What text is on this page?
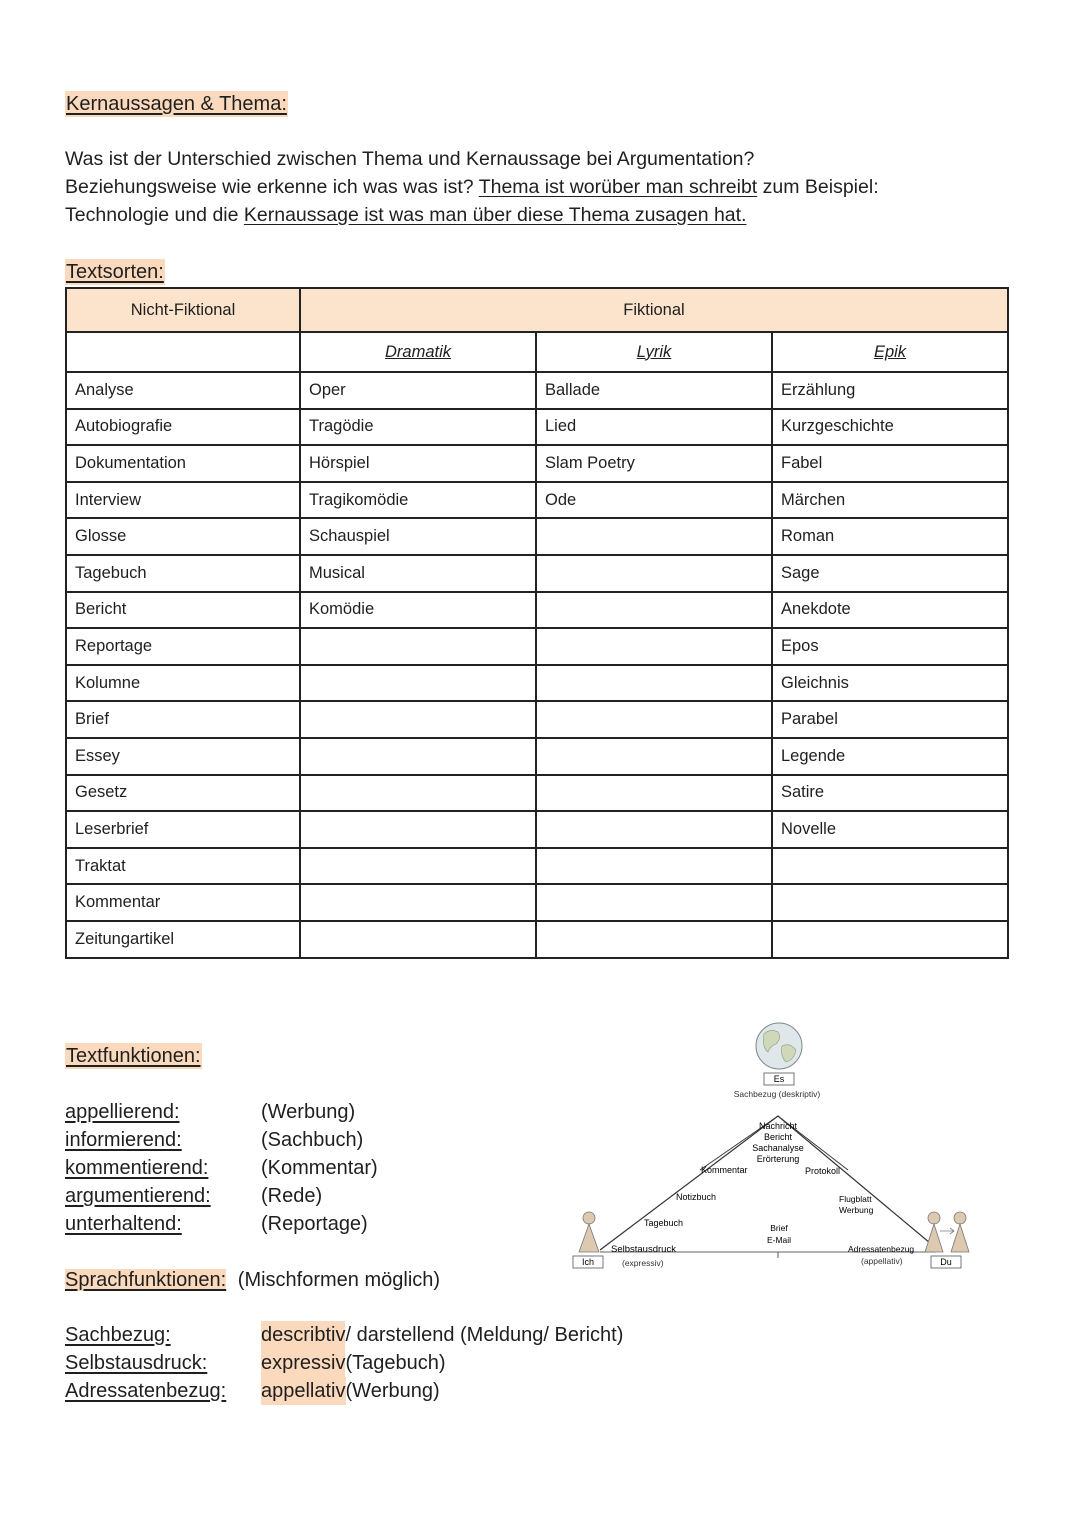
Kernaussagen & Thema:

Was ist der Unterschied zwischen Thema und Kernaussage bei Argumentation?

Beziehungsweise wie erkenne ich was was ist? Thema ist worüber man schreibt zum Beispiel:

Technologie und die Kernaussage ist was man über diese Thema zusagen hat.

Textsorten:
Nicht-Fiktional	Fiktional		
	Dramatik	Lyrik	Epik
Analyse	Oper	Ballade	Erzählung
Autobiografie	Tragödie	Lied	Kurzgeschichte
Dokumentation	Hörspiel	Slam Poetry	Fabel
Interview	Tragikomödie	Ode	Märchen
Glosse	Schauspiel		Roman
Tagebuch	Musical		Sage
Bericht	Komödie		Anekdote
Reportage			Epos
Kolumne			Gleichnis
Brief			Parabel
Essey			Legende
Gesetz			Satire
Leserbrief			Novelle
Traktat			
Kommentar			
Zeitungartikel			
Textfunktionen:
appellierend:	(Werbung)
informierend:	(Sachbuch)
kommentierend:	(Kommentar)
argumentierend:	(Rede)
unterhaltend:	(Reportage)
Sprachfunktionen: (Mischformen möglich)
Sachbezug:	describtiv / darstellend (Meldung/ Bericht)
Selbstausdruck:	expressiv (Tagebuch)
Adressatenbezug:	appellativ (Werbung)
Es
Sachbezug (deskriptiv)
Nachricht
Bericht
Sachanalyse
Erörterung
Kommentar	Protokoll
Notizbuch	Flugblatt
Werbung
Tagebuch	Brief
E-Mail
Selbstausdruck
(expressiv)
Adressatenbezug
(appellativ)
Ich	Du
